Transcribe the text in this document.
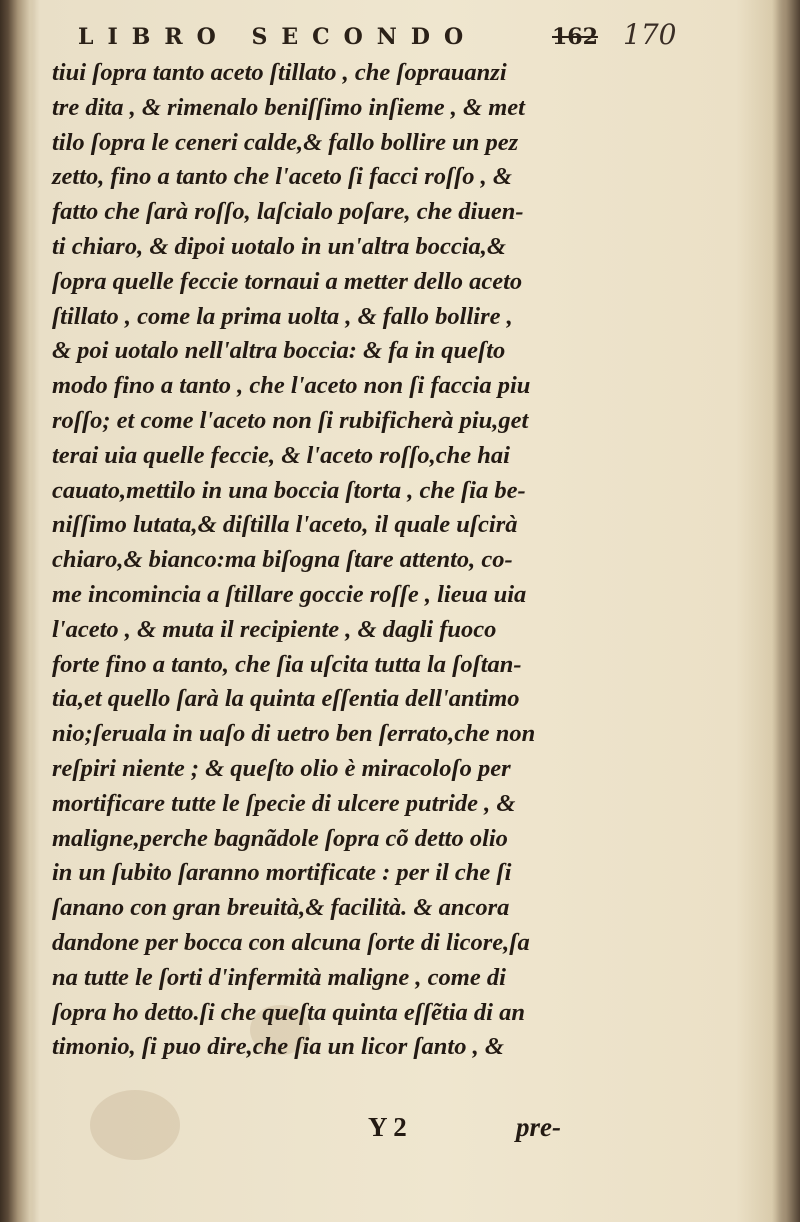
LIBRO SECONDO	162 170
tiui ſopra tanto aceto ſtillato , che ſoprauanzi
tre dita , & rimenalo beniſſimo inſieme , & met
tilo ſopra le ceneri calde,& fallo bollire un pez
zetto, fino a tanto che l'aceto ſi facci roſſo , &
fatto che ſarà roſſo, laſcialo poſare, che diuen-
ti chiaro, & dipoi uotalo in un'altra boccia,&
ſopra quelle feccie tornaui a metter dello aceto
ſtillato , come la prima uolta , & fallo bollire ,
& poi uotalo nell'altra boccia: & fa in queſto
modo fino a tanto , che l'aceto non ſi faccia piu
roſſo; et come l'aceto non ſi rubificherà piu,get
terai uia quelle feccie, & l'aceto roſſo,che hai
cauato,mettilo in una boccia ſtorta , che ſia be-
niſſimo lutata,& diſtilla l'aceto, il quale uſcirà
chiaro,& bianco:ma biſogna ſtare attento, co-
me incomincia a ſtillare goccie roſſe , lieua uia
l'aceto , & muta il recipiente , & dagli fuoco
forte fino a tanto, che ſia uſcita tutta la ſoſtan-
tia,et quello ſarà la quinta eſſentia dell'antimo
nio;ſeruala in uaſo di uetro ben ſerrato,che non
reſpiri niente ; & queſto olio è miracoloſo per
mortificare tutte le ſpecie di ulcere putride , &
maligne,perche bagnãdole ſopra cõ detto olio
in un ſubito ſaranno mortificate : per il che ſi
ſanano con gran breuità,& facilità. & ancora
dandone per bocca con alcuna ſorte di licore,ſa
na tutte le ſorti d'infermità maligne , come di
ſopra ho detto.ſi che queſta quinta eſſẽtia di an
timonio, ſi puo dire,che ſia un licor ſanto , &
Y 2	pre-
